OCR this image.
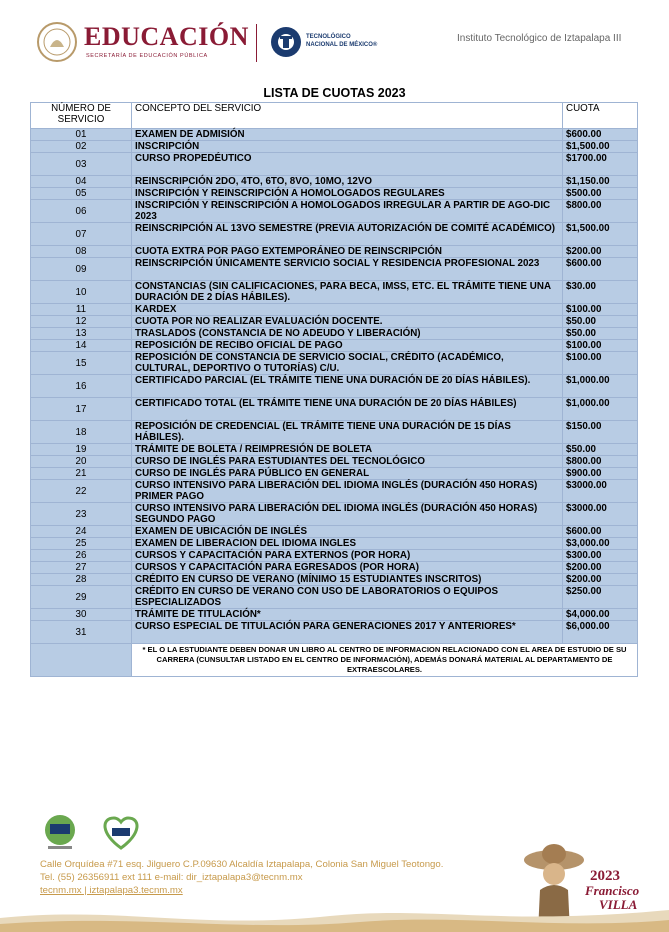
EDUCACIÓN
SECRETARÍA DE EDUCACIÓN PÚBLICA
TECNOLÓGICO
NACIONAL DE MÉXICO®
Instituto Tecnológico de Iztapalapa III
LISTA DE CUOTAS 2023
NÚMERO DE SERVICIO	CONCEPTO DEL SERVICIO	CUOTA
01	EXAMEN DE ADMISIÓN	$600.00
02	INSCRIPCIÓN	$1,500.00
03	CURSO PROPEDÉUTICO	$1700.00
04	REINSCRIPCIÓN 2DO, 4TO, 6TO, 8VO, 10MO, 12VO	$1,150.00
05	INSCRIPCIÓN Y REINSCRIPCIÓN A HOMOLOGADOS REGULARES	$500.00
06	INSCRIPCIÓN Y REINSCRIPCIÓN A HOMOLOGADOS IRREGULAR A PARTIR DE AGO-DIC 2023	$800.00
07	REINSCRIPCIÓN AL 13VO SEMESTRE (PREVIA AUTORIZACIÓN DE COMITÉ ACADÉMICO)	$1,500.00
08	CUOTA EXTRA POR PAGO EXTEMPORÁNEO DE REINSCRIPCIÓN	$200.00
09	REINSCRIPCIÓN ÚNICAMENTE SERVICIO SOCIAL Y RESIDENCIA PROFESIONAL 2023	$600.00
10	CONSTANCIAS (SIN CALIFICACIONES, PARA BECA, IMSS, ETC. EL TRÁMITE TIENE UNA DURACIÓN DE 2 DÍAS HÁBILES).	$30.00
11	KARDEX	$100.00
12	CUOTA POR NO REALIZAR EVALUACIÓN DOCENTE.	$50.00
13	TRASLADOS (CONSTANCIA DE NO ADEUDO Y LIBERACIÓN)	$50.00
14	REPOSICIÓN DE RECIBO OFICIAL DE PAGO	$100.00
15	REPOSICIÓN DE CONSTANCIA DE SERVICIO SOCIAL, CRÉDITO (ACADÉMICO, CULTURAL, DEPORTIVO O TUTORÍAS) C/U.	$100.00
16	CERTIFICADO PARCIAL (EL TRÁMITE TIENE UNA DURACIÓN DE 20 DÍAS HÁBILES).	$1,000.00
17	CERTIFICADO TOTAL (EL TRÁMITE TIENE UNA DURACIÓN DE 20 DÍAS HÁBILES)	$1,000.00
18	REPOSICIÓN DE CREDENCIAL (EL TRÁMITE TIENE UNA DURACIÓN DE 15 DÍAS HÁBILES).	$150.00
19	TRÁMITE DE BOLETA / REIMPRESIÓN DE BOLETA	$50.00
20	CURSO DE INGLÉS PARA ESTUDIANTES DEL TECNOLÓGICO	$800.00
21	CURSO DE INGLÉS PARA PÚBLICO EN GENERAL	$900.00
22	CURSO INTENSIVO PARA LIBERACIÓN DEL IDIOMA INGLÉS (DURACIÓN 450 HORAS) PRIMER PAGO	$3000.00
23	CURSO INTENSIVO PARA LIBERACIÓN DEL IDIOMA INGLÉS (DURACIÓN 450 HORAS) SEGUNDO PAGO	$3000.00
24	EXAMEN DE UBICACIÓN DE INGLÉS	$600.00
25	EXAMEN DE LIBERACION DEL IDIOMA INGLES	$3,000.00
26	CURSOS Y CAPACITACIÓN PARA EXTERNOS (POR HORA)	$300.00
27	CURSOS Y CAPACITACIÓN PARA EGRESADOS (POR HORA)	$200.00
28	CRÉDITO EN CURSO DE VERANO (MÍNIMO 15 ESTUDIANTES INSCRITOS)	$200.00
29	CRÉDITO EN CURSO DE VERANO CON USO DE LABORATORIOS O EQUIPOS ESPECIALIZADOS	$250.00
30	TRÁMITE DE TITULACIÓN*	$4,000.00
31	CURSO ESPECIAL DE TITULACIÓN PARA GENERACIONES 2017 Y ANTERIORES*	$6,000.00
	* EL O LA ESTUDIANTE DEBEN DONAR UN LIBRO AL CENTRO DE INFORMACION RELACIONADO CON EL AREA DE ESTUDIO DE SU CARRERA (CUNSULTAR LISTADO EN EL CENTRO DE INFORMACIÓN), ADEMÁS DONARÁ MATERIAL AL DEPARTAMENTO DE EXTRAESCOLARES.	
Calle Orquídea #71 esq. Jilguero C.P.09630 Alcaldía Iztapalapa, Colonia San Miguel Teotongo.
Tel. (55) 26356911 ext 111 e-mail: dir_iztapalapa3@tecnm.mx
tecnm.mx | iztapalapa3.tecnm.mx
2023
Francisco
VILLA
